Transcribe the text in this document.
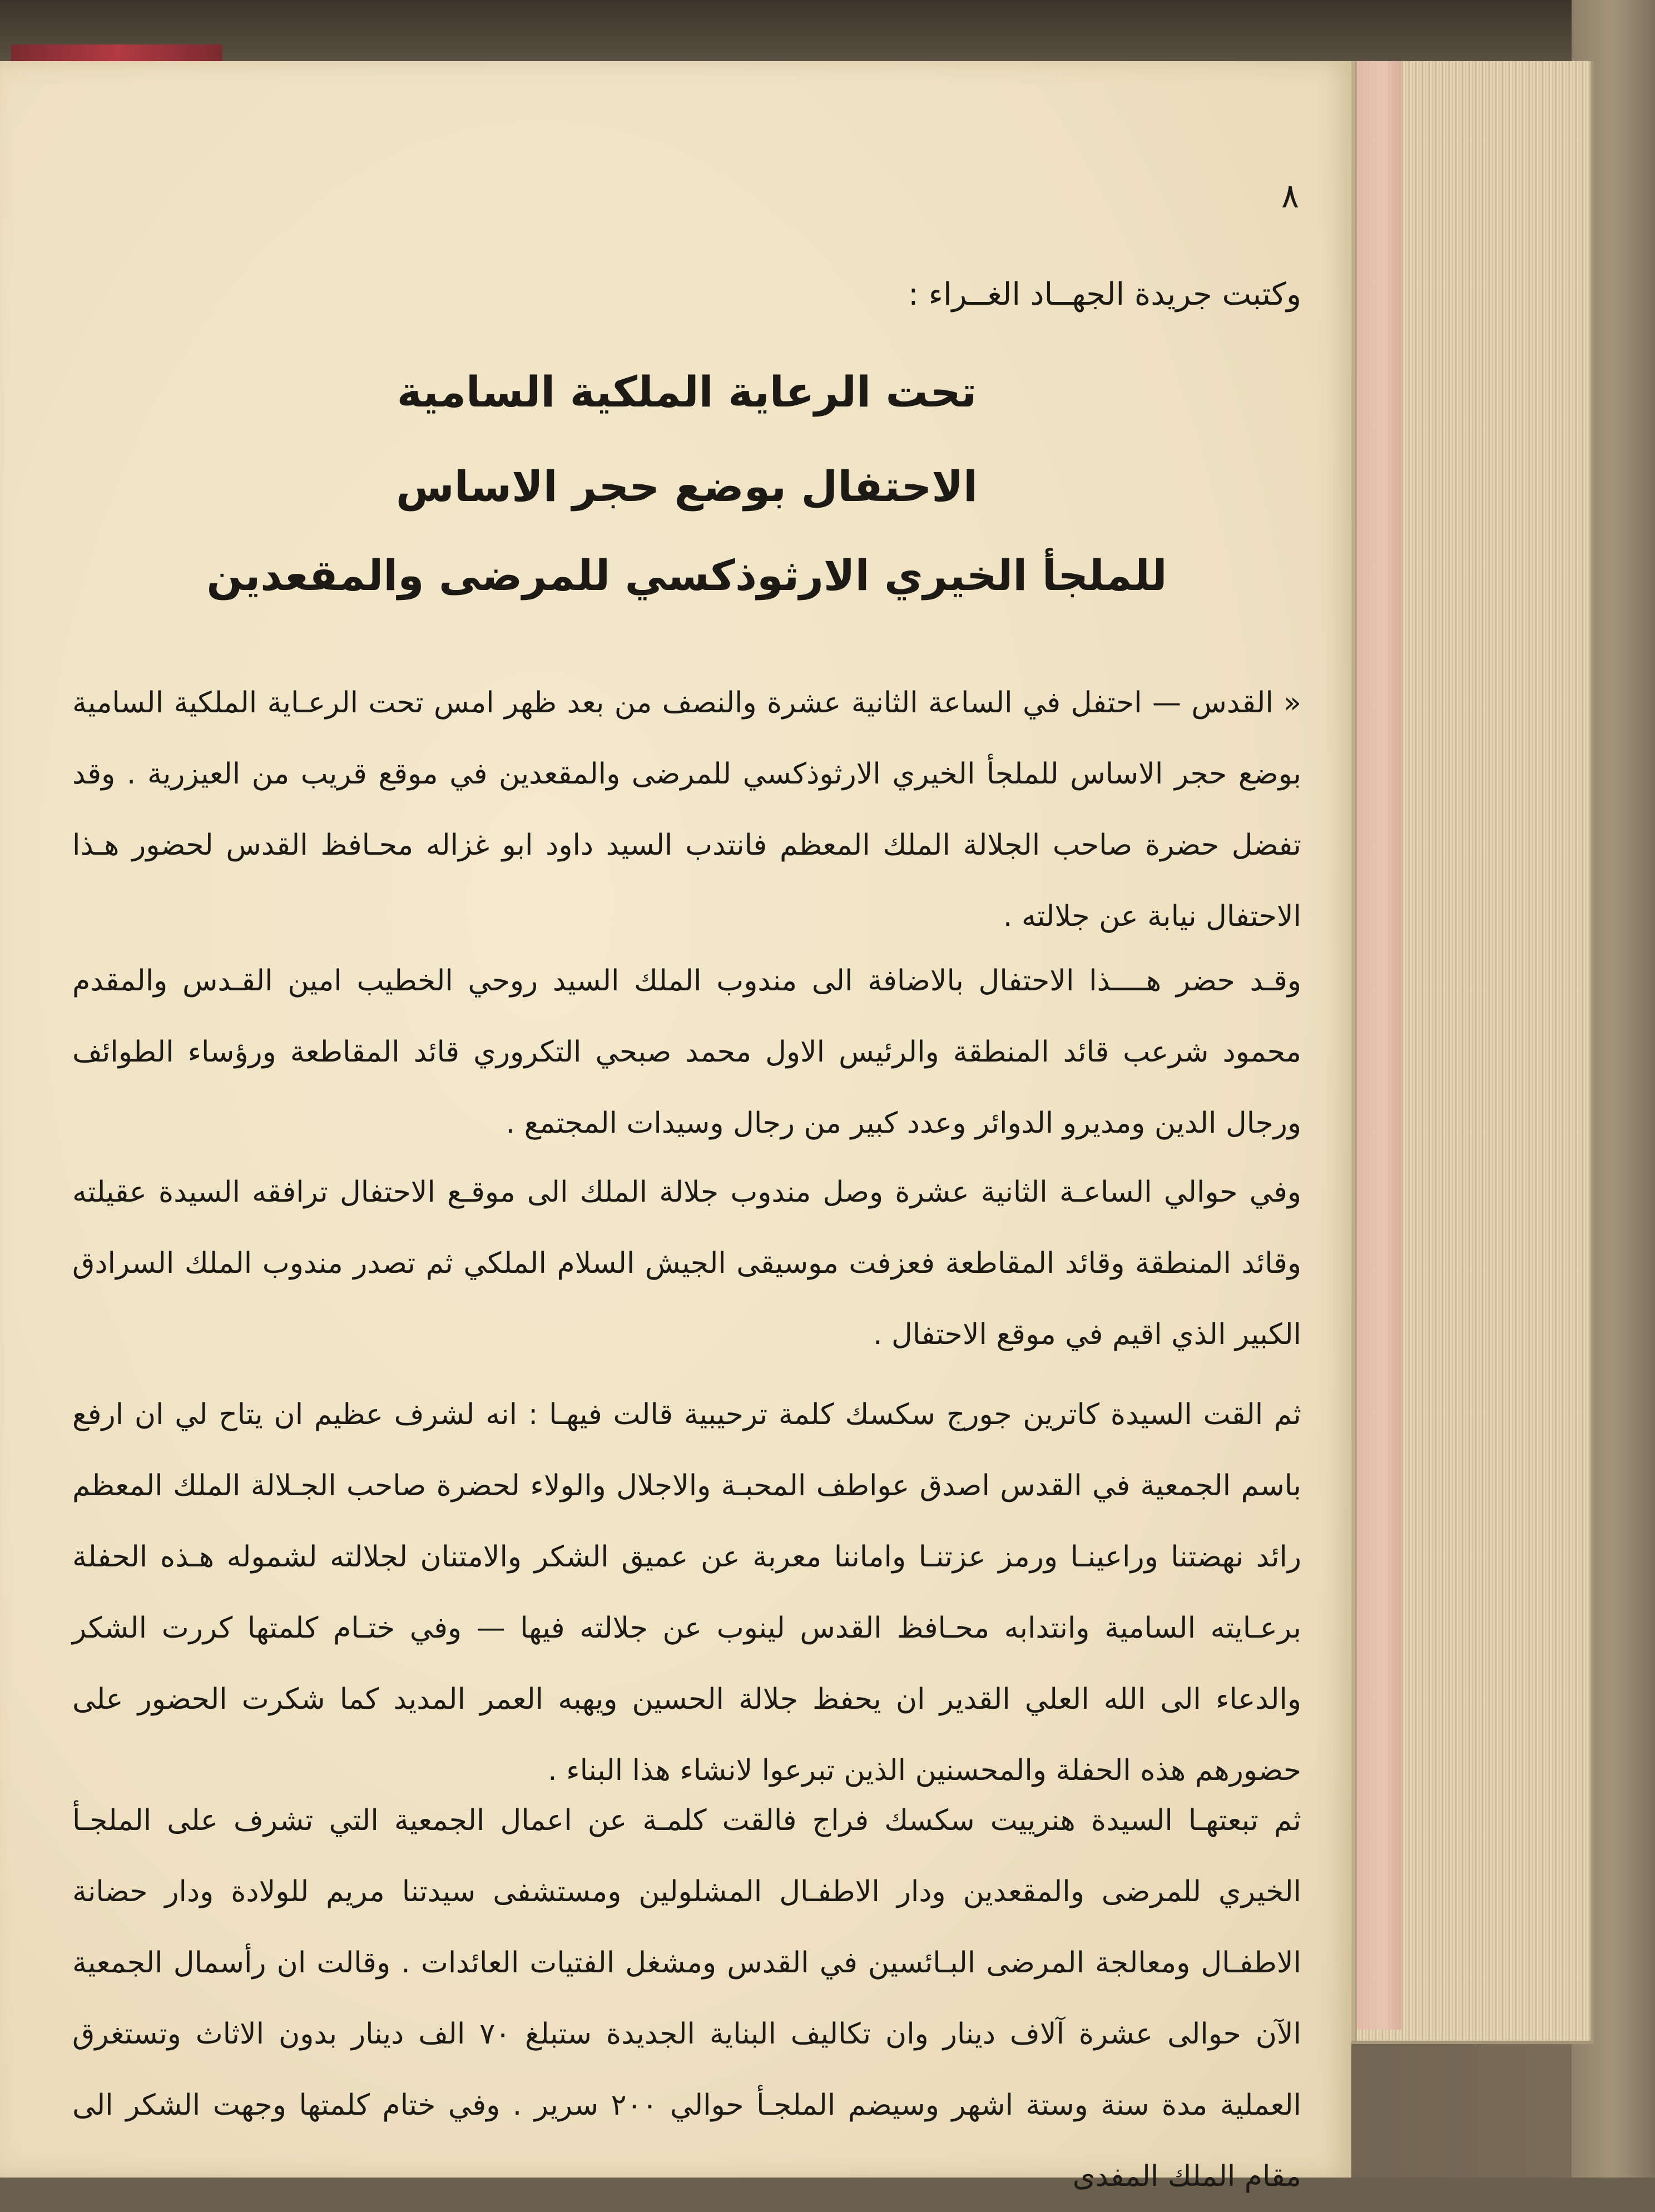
٨
وكتبت جريدة الجهــاد الغــراء :
تحت الرعاية الملكية السامية
الاحتفال بوضع حجر الاساس
للملجأ الخيري الارثوذكسي للمرضى والمقعدين
« القدس — احتفل في الساعة الثانية عشرة والنصف من بعد ظهر امس تحت الرعـاية الملكية السامية بوضع حجر الاساس للملجأ الخيري الارثوذكسي للمرضى والمقعدين في موقع قريب من العيزرية . وقد تفضل حضرة صاحب الجلالة الملك المعظم فانتدب السيد داود ابو غزاله محـافظ القدس لحضور هـذا الاحتفال نيابة عن جلالته .
وقـد حضر هــــذا الاحتفال بالاضافة الى مندوب الملك السيد روحي الخطيب امين القـدس والمقدم محمود شرعب قائد المنطقة والرئيس الاول محمد صبحي التكروري قائد المقاطعة ورؤساء الطوائف ورجال الدين ومديرو الدوائر وعدد كبير من رجال وسيدات المجتمع .
وفي حوالي الساعـة الثانية عشرة وصل مندوب جلالة الملك الى موقـع الاحتفال ترافقه السيدة عقيلته وقائد المنطقة وقائد المقاطعة فعزفت موسيقى الجيش السلام الملكي ثم تصدر مندوب الملك السرادق الكبير الذي اقيم في موقع الاحتفال .
ثم القت السيدة كاترين جورج سكسك كلمة ترحيبية قالت فيهـا : انه لشرف عظيم ان يتاح لي ان ارفع باسم الجمعية في القدس اصدق عواطف المحبـة والاجلال والولاء لحضرة صاحب الجـلالة الملك المعظم رائد نهضتنا وراعينـا ورمز عزتنـا واماننا معربة عن عميق الشكر والامتنان لجلالته لشموله هـذه الحفلة برعـايته السامية وانتدابه محـافظ القدس لينوب عن جلالته فيها — وفي ختـام كلمتها كررت الشكر والدعاء الى الله العلي القدير ان يحفظ جلالة الحسين ويهبه العمر المديد كما شكرت الحضور على حضورهم هذه الحفلة والمحسنين الذين تبرعوا لانشاء هذا البناء .
ثم تبعتهـا السيدة هنرييت سكسك فراج فالقت كلمـة عن اعمال الجمعية التي تشرف على الملجـأ الخيري للمرضى والمقعدين ودار الاطفـال المشلولين ومستشفى سيدتنا مريم للولادة ودار حضانة الاطفـال ومعالجة المرضى البـائسين في القدس ومشغل الفتيات العائدات . وقالت ان رأسمال الجمعية الآن حوالى عشرة آلاف دينار وان تكاليف البناية الجديدة ستبلغ ٧٠ الف دينار بدون الاثاث وتستغرق العملية مدة سنة وستة اشهر وسيضم الملجـأ حوالي ٢٠٠ سرير . وفي ختام كلمتها وجهت الشكر الى مقام الملك المفدى
